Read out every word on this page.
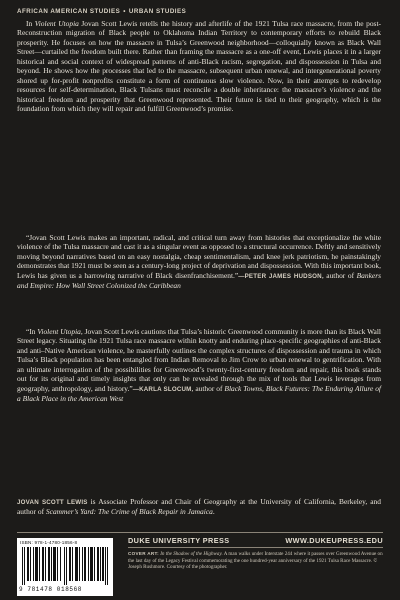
AFRICAN AMERICAN STUDIES • URBAN STUDIES

In Violent Utopia Jovan Scott Lewis retells the history and afterlife of the 1921 Tulsa race massacre, from the post-Reconstruction migration of Black people to Oklahoma Indian Territory to contemporary efforts to rebuild Black prosperity. He focuses on how the massacre in Tulsa’s Greenwood neighborhood—colloquially known as Black Wall Street—curtailed the freedom built there. Rather than framing the massacre as a one-off event, Lewis places it in a larger historical and social context of widespread patterns of anti-Black racism, segregation, and dispossession in Tulsa and beyond. He shows how the processes that led to the massacre, subsequent urban renewal, and intergenerational poverty shored up for-profit nonprofits constitute a form of continuous slow violence. Now, in their attempts to redevelop resources for self-determination, Black Tulsans must reconcile a double inheritance: the massacre’s violence and the historical freedom and prosperity that Greenwood represented. Their future is tied to their geography, which is the foundation from which they will repair and fulfill Greenwood’s promise.

“Jovan Scott Lewis makes an important, radical, and critical turn away from histories that exceptionalize the white violence of the Tulsa massacre and cast it as a singular event as opposed to a structural occurrence. Deftly and sensitively moving beyond narratives based on an easy nostalgia, cheap sentimentalism, and knee jerk patriotism, he painstakingly demonstrates that 1921 must be seen as a century-long project of deprivation and dispossession. With this important book, Lewis has given us a harrowing narrative of Black disenfranchisement.”—PETER JAMES HUDSON, author of Bankers and Empire: How Wall Street Colonized the Caribbean

“In Violent Utopia, Jovan Scott Lewis cautions that Tulsa’s historic Greenwood community is more than its Black Wall Street legacy. Situating the 1921 Tulsa race massacre within knotty and enduring place-specific geographies of anti-Black and anti–Native American violence, he masterfully outlines the complex structures of dispossession and trauma in which Tulsa’s Black population has been entangled from Indian Removal to Jim Crow to urban renewal to gentrification. With an ultimate interrogation of the possibilities for Greenwood’s twenty-first-century freedom and repair, this book stands out for its original and timely insights that only can be revealed through the mix of tools that Lewis leverages from geography, anthropology, and history.”—KARLA SLOCUM, author of Black Towns, Black Futures: The Enduring Allure of a Black Place in the American West

JOVAN SCOTT LEWIS is Associate Professor and Chair of Geography at the University of California, Berkeley, and author of Scammer’s Yard: The Crime of Black Repair in Jamaica.

ISBN: 978-1-4780-1856-8
9 781478 018568
DUKE UNIVERSITY PRESS	WWW.DUKEUPRESS.EDU
COVER ART: In the Shadow of the Highway. A man walks under Interstate 244 where it passes over Greenwood Avenue on the last day of the Legacy Festival commemorating the one hundred-year anniversary of the 1921 Tulsa Race Massacre. © Joseph Rushmore. Courtesy of the photographer.
